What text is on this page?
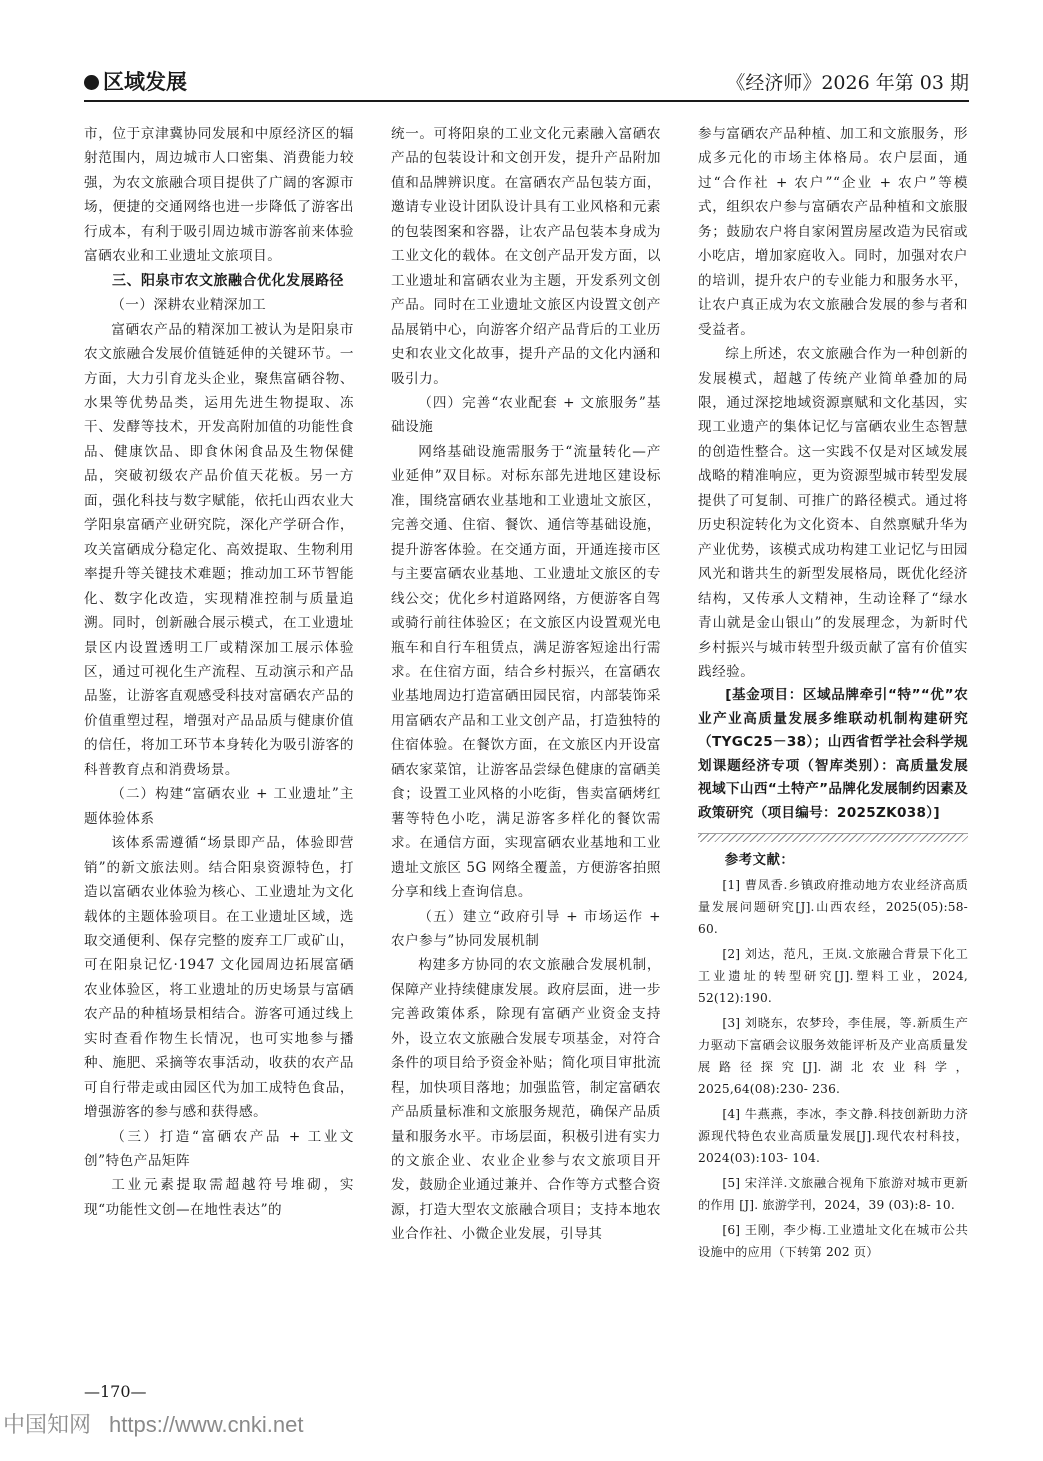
区域发展	《经济师》2026 年第 03 期

市，位于京津冀协同发展和中原经济区的辐射范围内，周边城市人口密集、消费能力较强，为农文旅融合项目提供了广阔的客源市场，便捷的交通网络也进一步降低了游客出行成本，有利于吸引周边城市游客前来体验富硒农业和工业遗址文旅项目。

三、阳泉市农文旅融合优化发展路径
（一）深耕农业精深加工

富硒农产品的精深加工被认为是阳泉市农文旅融合发展价值链延伸的关键环节。一方面，大力引育龙头企业，聚焦富硒谷物、水果等优势品类，运用先进生物提取、冻干、发酵等技术，开发高附加值的功能性食品、健康饮品、即食休闲食品及生物保健品，突破初级农产品价值天花板。另一方面，强化科技与数字赋能，依托山西农业大学阳泉富硒产业研究院，深化产学研合作，攻关富硒成分稳定化、高效提取、生物利用率提升等关键技术难题；推动加工环节智能化、数字化改造，实现精准控制与质量追溯。同时，创新融合展示模式，在工业遗址景区内设置透明工厂或精深加工展示体验区，通过可视化生产流程、互动演示和产品品鉴，让游客直观感受科技对富硒农产品的价值重塑过程，增强对产品品质与健康价值的信任，将加工环节本身转化为吸引游客的科普教育点和消费场景。

（二）构建“富硒农业 + 工业遗址”主题体验体系

该体系需遵循“场景即产品，体验即营销”的新文旅法则。结合阳泉资源特色，打造以富硒农业体验为核心、工业遗址为文化载体的主题体验项目。在工业遗址区域，选取交通便利、保存完整的废弃工厂或矿山，可在阳泉记忆·1947 文化园周边拓展富硒农业体验区，将工业遗址的历史场景与富硒农产品的种植场景相结合。游客可通过线上实时查看作物生长情况，也可实地参与播种、施肥、采摘等农事活动，收获的农产品可自行带走或由园区代为加工成特色食品，增强游客的参与感和获得感。

（三）打造“富硒农产品 + 工业文创”特色产品矩阵

工业元素提取需超越符号堆砌，实现“功能性文创—在地性表达”的

统一。可将阳泉的工业文化元素融入富硒农产品的包装设计和文创开发，提升产品附加值和品牌辨识度。在富硒农产品包装方面，邀请专业设计团队设计具有工业风格和元素的包装图案和容器，让农产品包装本身成为工业文化的载体。在文创产品开发方面，以工业遗址和富硒农业为主题，开发系列文创产品。同时在工业遗址文旅区内设置文创产品展销中心，向游客介绍产品背后的工业历史和农业文化故事，提升产品的文化内涵和吸引力。

（四）完善“农业配套 + 文旅服务”基础设施

网络基础设施需服务于“流量转化—产业延伸”双目标。对标东部先进地区建设标准，围绕富硒农业基地和工业遗址文旅区，完善交通、住宿、餐饮、通信等基础设施，提升游客体验。在交通方面，开通连接市区与主要富硒农业基地、工业遗址文旅区的专线公交；优化乡村道路网络，方便游客自驾或骑行前往体验区；在文旅区内设置观光电瓶车和自行车租赁点，满足游客短途出行需求。在住宿方面，结合乡村振兴，在富硒农业基地周边打造富硒田园民宿，内部装饰采用富硒农产品和工业文创产品，打造独特的住宿体验。在餐饮方面，在文旅区内开设富硒农家菜馆，让游客品尝绿色健康的富硒美食；设置工业风格的小吃街，售卖富硒烤红薯等特色小吃，满足游客多样化的餐饮需求。在通信方面，实现富硒农业基地和工业遗址文旅区 5G 网络全覆盖，方便游客拍照分享和线上查询信息。

（五）建立“政府引导 + 市场运作 + 农户参与”协同发展机制

构建多方协同的农文旅融合发展机制，保障产业持续健康发展。政府层面，进一步完善政策体系，除现有富硒产业资金支持外，设立农文旅融合发展专项基金，对符合条件的项目给予资金补贴；简化项目审批流程，加快项目落地；加强监管，制定富硒农产品质量标准和文旅服务规范，确保产品质量和服务水平。市场层面，积极引进有实力的文旅企业、农业企业参与农文旅项目开发，鼓励企业通过兼并、合作等方式整合资源，打造大型农文旅融合项目；支持本地农业合作社、小微企业发展，引导其

参与富硒农产品种植、加工和文旅服务，形成多元化的市场主体格局。农户层面，通过“合作社 + 农户”“企业 + 农户”等模式，组织农户参与富硒农产品种植和文旅服务；鼓励农户将自家闲置房屋改造为民宿或小吃店，增加家庭收入。同时，加强对农户的培训，提升农户的专业能力和服务水平，让农户真正成为农文旅融合发展的参与者和受益者。

综上所述，农文旅融合作为一种创新的发展模式，超越了传统产业简单叠加的局限，通过深挖地域资源禀赋和文化基因，实现工业遗产的集体记忆与富硒农业生态智慧的创造性整合。这一实践不仅是对区域发展战略的精准响应，更为资源型城市转型发展提供了可复制、可推广的路径模式。通过将历史积淀转化为文化资本、自然禀赋升华为产业优势，该模式成功构建工业记忆与田园风光和谐共生的新型发展格局，既优化经济结构，又传承人文精神，生动诠释了“绿水青山就是金山银山”的发展理念，为新时代乡村振兴与城市转型升级贡献了富有价值实践经验。

[基金项目：区域品牌牵引“特”“优”农业产业高质量发展多维联动机制构建研究（TYGC25－38）；山西省哲学社会科学规划课题经济专项（智库类别）：高质量发展视域下山西“土特产”品牌化发展制约因素及政策研究（项目编号：2025ZK038）]

参考文献：
[1] 曹凤香.乡镇政府推动地方农业经济高质量发展问题研究[J].山西农经，2025(05):58- 60.
[2] 刘达，范凡，王岚.文旅融合背景下化工工业遗址的转型研究[J].塑料工业，2024, 52(12):190.
[3] 刘晓东，农梦玲，李佳展，等.新质生产力驱动下富硒会议服务效能评析及产业高质量发展路径探究[J].湖北农业科学，2025,64(08):230- 236.
[4] 牛燕燕，李冰，李文静.科技创新助力济源现代特色农业高质量发展[J].现代农村科技，2024(03):103- 104.
[5] 宋洋洋.文旅融合视角下旅游对城市更新的作用 [J]. 旅游学刊，2024，39 (03):8- 10.
[6] 王刚，李少梅.工业遗址文化在城市公共设施中的应用（下转第 202 页）
—170—
中国知网 https://www.cnki.net
